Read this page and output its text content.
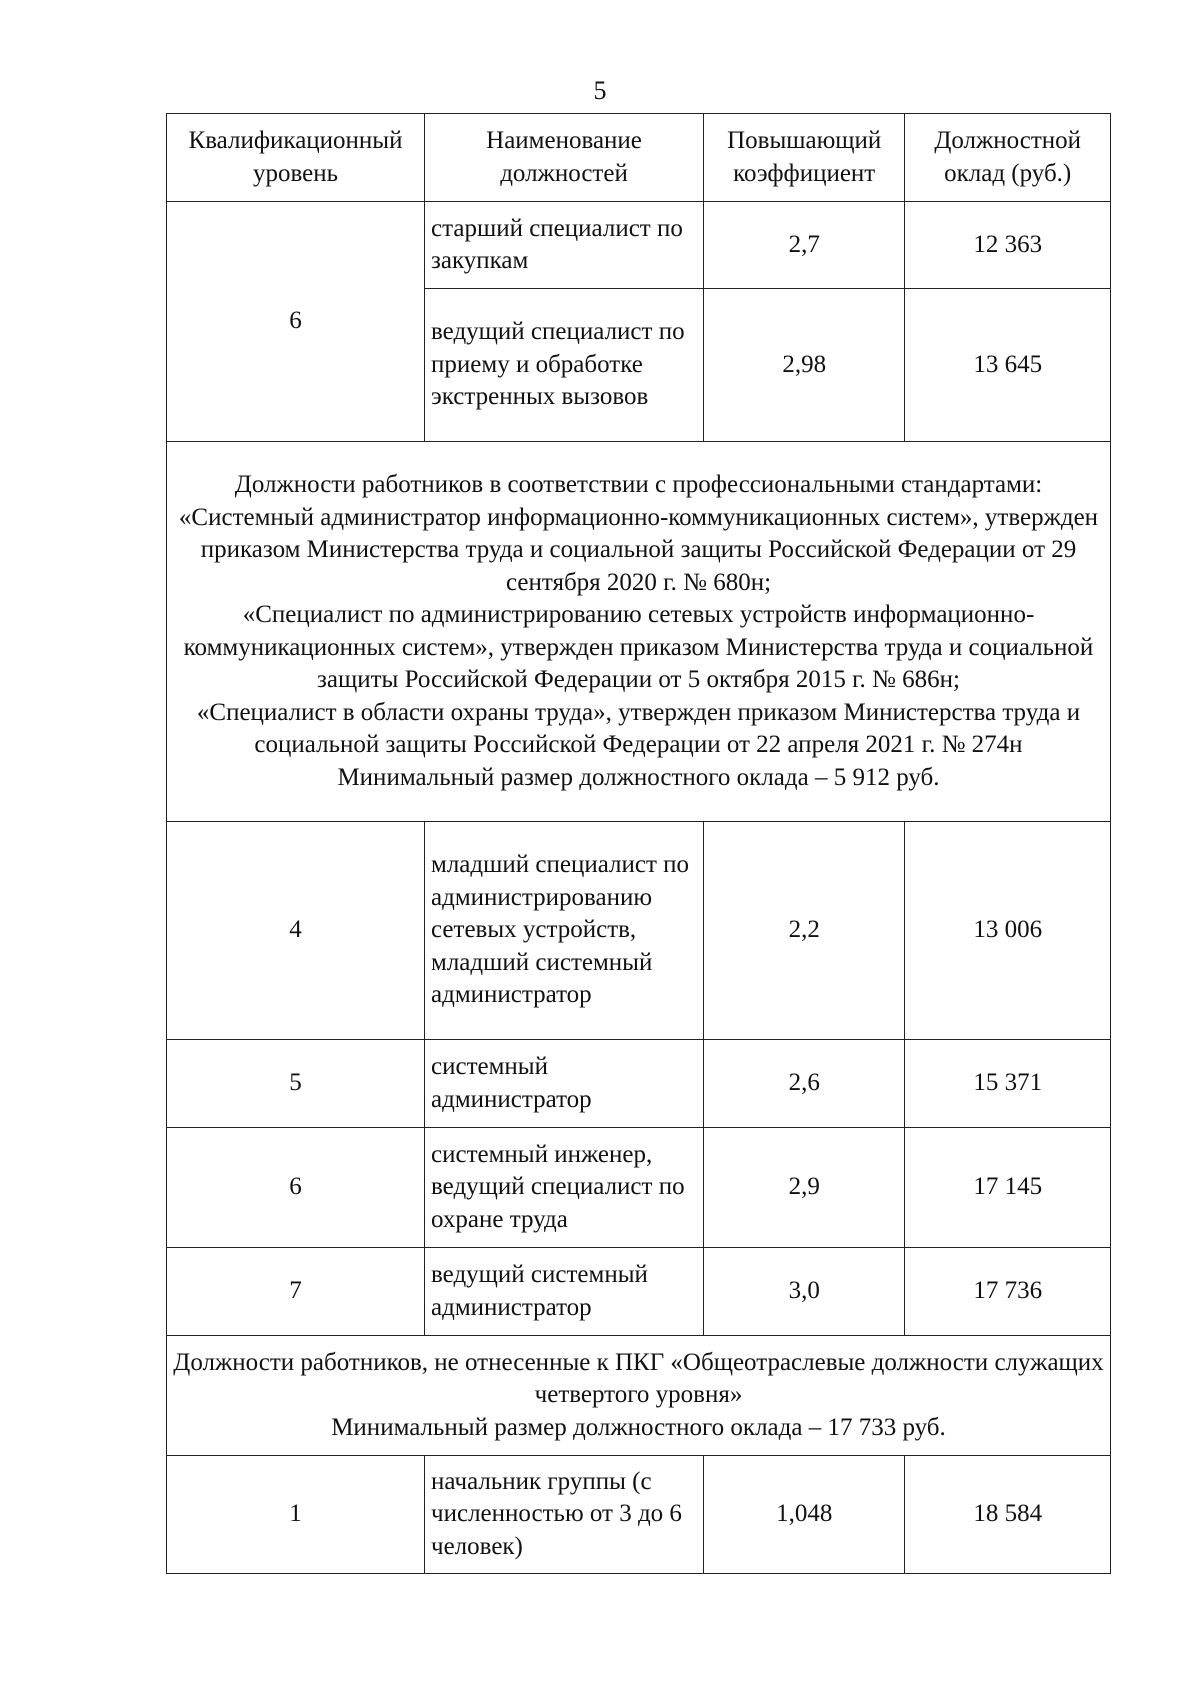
5
Квалификационный уровень	Наименование должностей	Повышающий коэффициент	Должностной оклад (руб.)
6	старший специалист по закупкам	2,7	12 363
	ведущий специалист по приему и обработке экстренных вызовов	2,98	13 645

Должности работников в соответствии с профессиональными стандартами:
«Системный администратор информационно-коммуникационных систем», утвержден приказом Министерства труда и социальной защиты Российской Федерации от 29 сентября 2020 г. № 680н;
«Специалист по администрированию сетевых устройств информационно-коммуникационных систем», утвержден приказом Министерства труда и социальной защиты Российской Федерации от 5 октября 2015 г. № 686н;
«Специалист в области охраны труда», утвержден приказом Министерства труда и социальной защиты Российской Федерации от 22 апреля 2021 г. № 274н
Минимальный размер должностного оклада – 5 912 руб.			

4	младший специалист по администрированию сетевых устройств, младший системный администратор	2,2	13 006
5	системный администратор	2,6	15 371
6	системный инженер, ведущий специалист по охране труда	2,9	17 145
7	ведущий системный администратор	3,0	17 736

Должности работников, не отнесенные к ПКГ «Общеотраслевые должности служащих четвертого уровня»
Минимальный размер должностного оклада – 17 733 руб.			

1	начальник группы (с численностью от 3 до 6 человек)	1,048	18 584
